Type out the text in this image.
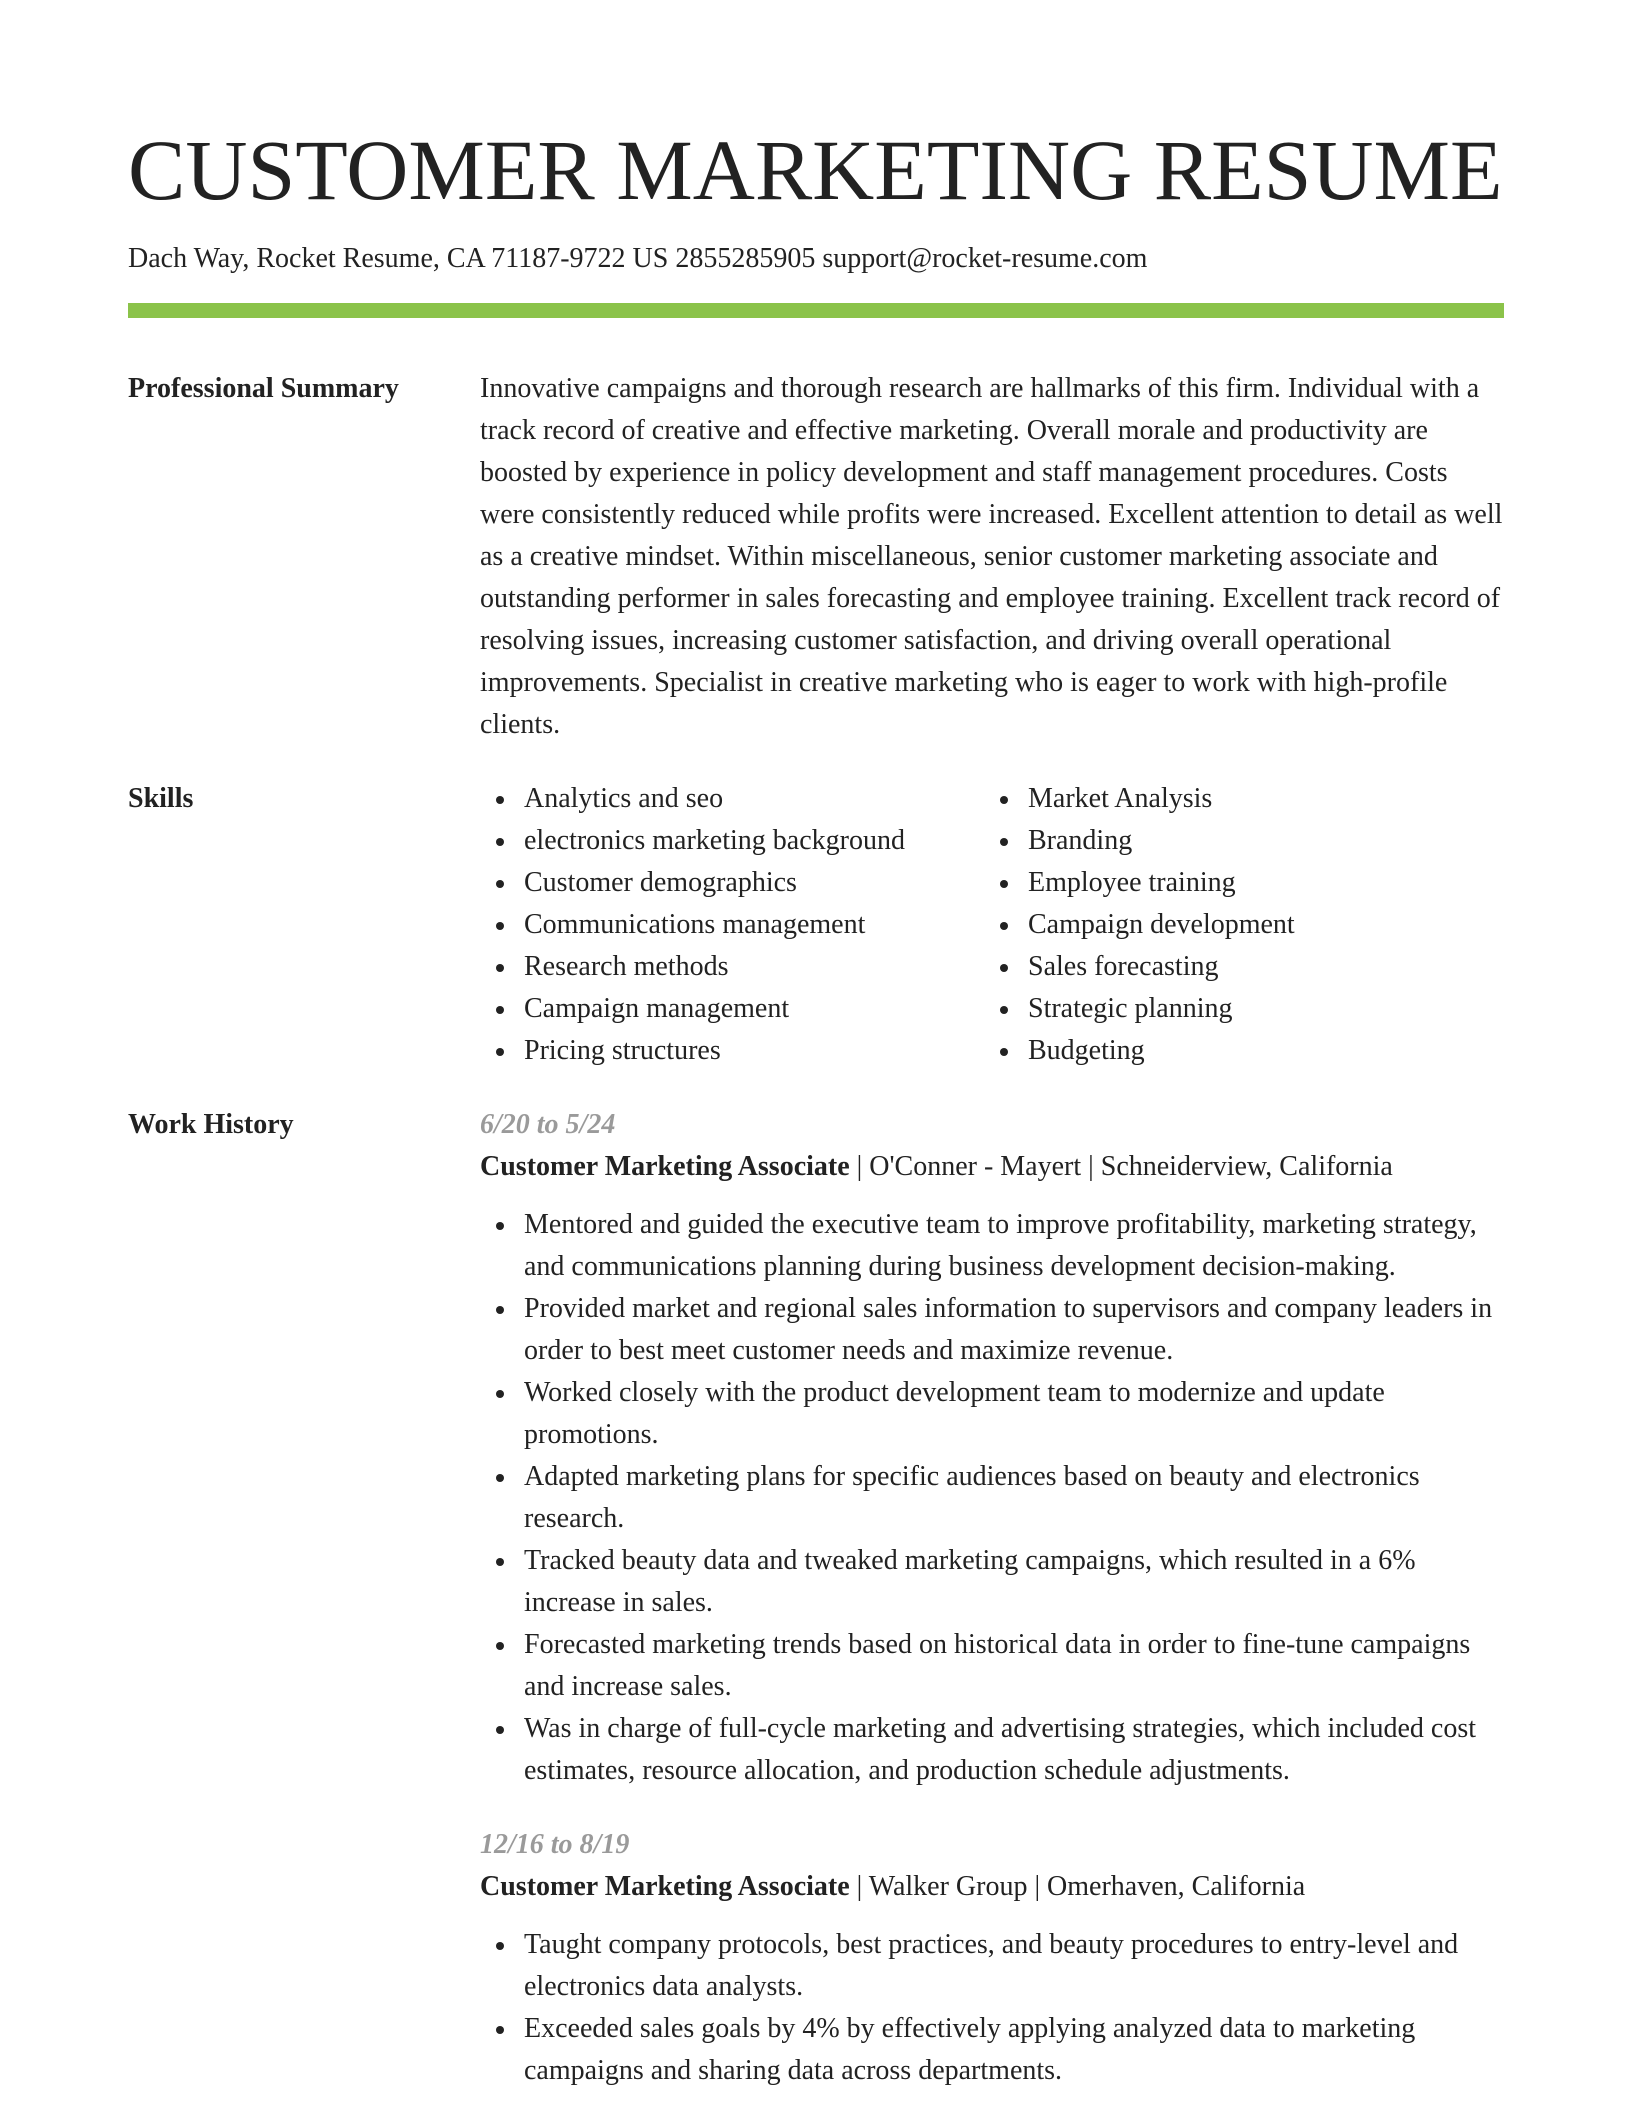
CUSTOMER MARKETING RESUME
Dach Way, Rocket Resume, CA 71187-9722 US 2855285905 support@rocket-resume.com
Professional Summary	Innovative campaigns and thorough research are hallmarks of this firm. Individual with a track record of creative and effective marketing. Overall morale and productivity are boosted by experience in policy development and staff management procedures. Costs were consistently reduced while profits were increased. Excellent attention to detail as well as a creative mindset. Within miscellaneous, senior customer marketing associate and outstanding performer in sales forecasting and employee training. Excellent track record of resolving issues, increasing customer satisfaction, and driving overall operational improvements. Specialist in creative marketing who is eager to work with high-profile clients.
Skills	Analytics and seo
electronics marketing background
Customer demographics
Communications management
Research methods
Campaign management
Pricing structures
Market Analysis
Branding
Employee training
Campaign development
Sales forecasting
Strategic planning
Budgeting
Work History	6/20 to 5/24
Customer Marketing Associate | O'Conner - Mayert | Schneiderview, California
Mentored and guided the executive team to improve profitability, marketing strategy, and communications planning during business development decision-making.
Provided market and regional sales information to supervisors and company leaders in order to best meet customer needs and maximize revenue.
Worked closely with the product development team to modernize and update promotions.
Adapted marketing plans for specific audiences based on beauty and electronics research.
Tracked beauty data and tweaked marketing campaigns, which resulted in a 6% increase in sales.
Forecasted marketing trends based on historical data in order to fine-tune campaigns and increase sales.
Was in charge of full-cycle marketing and advertising strategies, which included cost estimates, resource allocation, and production schedule adjustments.
12/16 to 8/19
Customer Marketing Associate | Walker Group | Omerhaven, California
Taught company protocols, best practices, and beauty procedures to entry-level and electronics data analysts.
Exceeded sales goals by 4% by effectively applying analyzed data to marketing campaigns and sharing data across departments.
